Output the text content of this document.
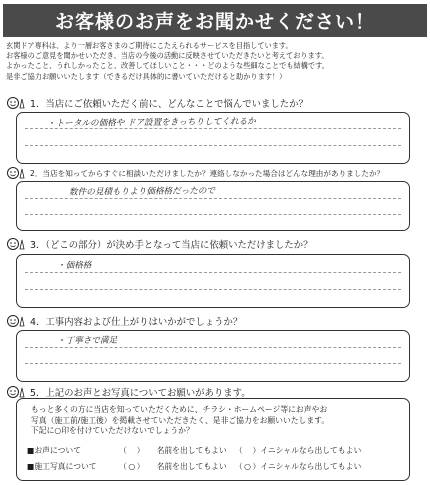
お客様のお声をお聞かせください！
玄関ドア専科は、より一層お客さまのご期待にこたえられるサービスを目指しています。
お客様のご意見を聞かせいただき、当店の今後の活動に反映させていただきたいと考えております。
よかったこと、うれしかったこと、改善してほしいこと・・・どのような些細なことでも結構です。
是非ご協力お願いいたします（できるだけ具体的に書いていただけると助かります！）
1．当店にご依頼いただく前に、どんなことで悩んでいましたか？
・トータルの価格や ドア設置をきっちりしてくれるか
2．当店を知ってからすぐに相談いただけましたか？連絡しなかった場合はどんな理由がありましたか？
数件の見積もりより価格格だったので
3．（どこの部分）が決め手となって当店に依頼いただけましたか？
・価格格
4．工事内容および仕上がりはいかがでしょうか？
・丁寧さで満足
5．上記のお声とお写真についてお願いがあります。
もっと多くの方に当店を知っていただくために、チラシ・ホームページ等にお声やお
写真（施工前/施工後）を掲載させていただきたく、是非ご協力をお願いいたします。
下記に○印を付けていただけないでしょうか？
■お声について	（ ） 名前を出してもよい （ ） イニシャルなら出してもよい
■施工写真について	（ ○ ） 名前を出してもよい （ ○ ） イニシャルなら出してもよい
